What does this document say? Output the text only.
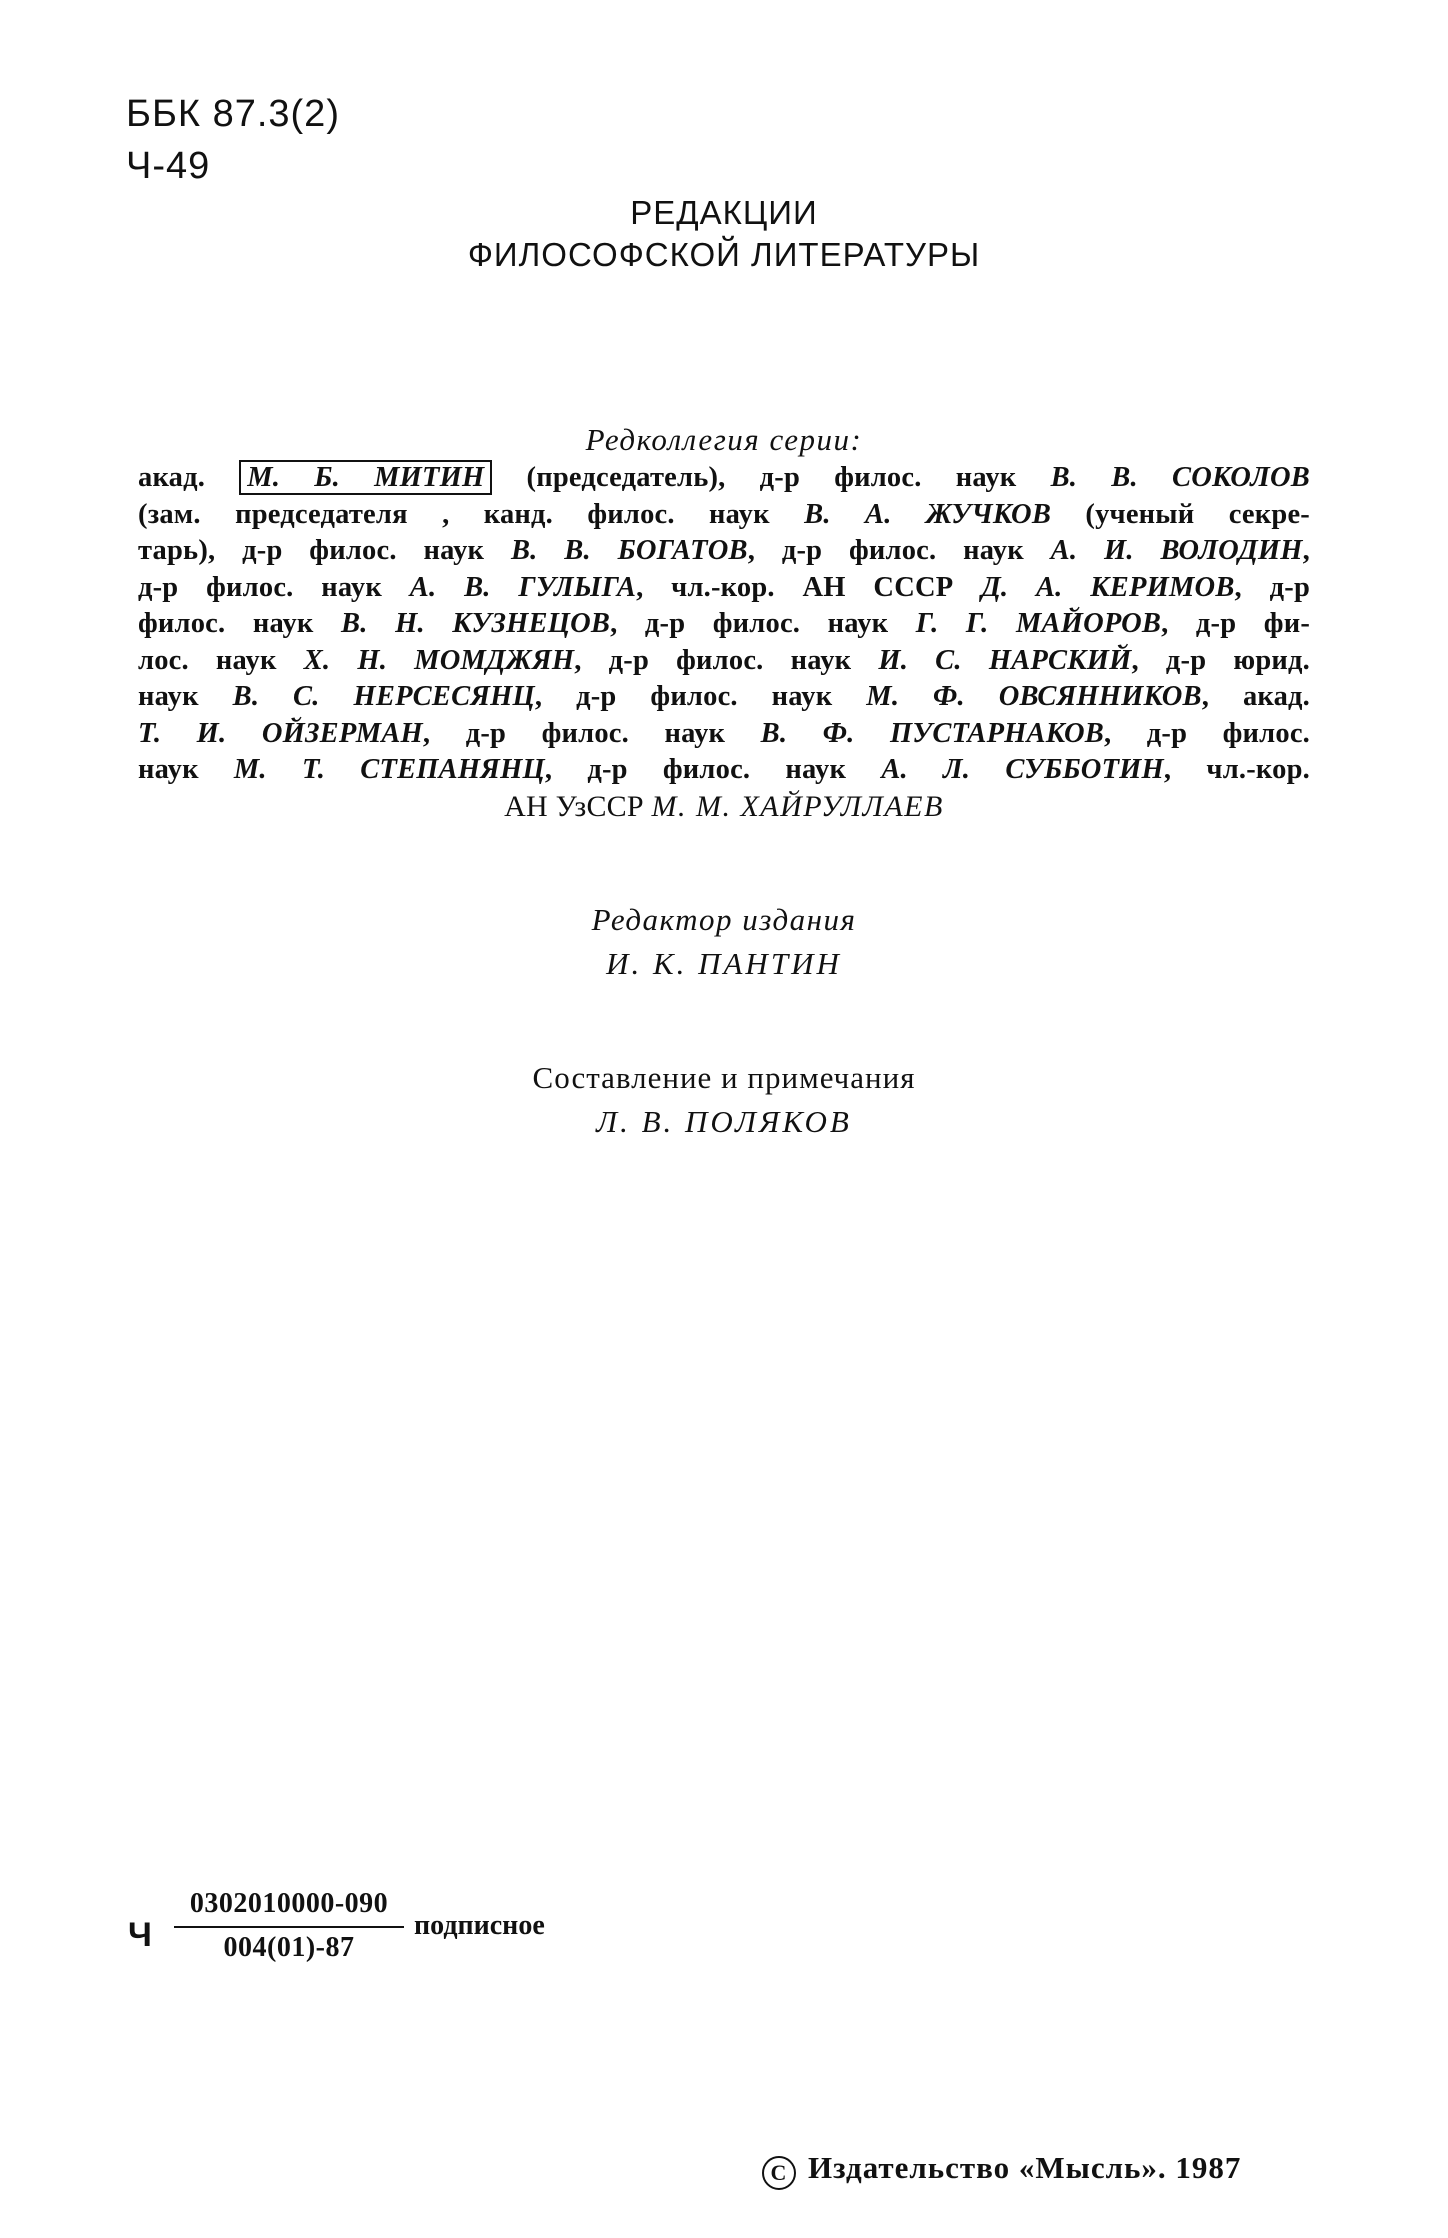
ББК 87.3(2)
Ч-49
РЕДАКЦИИ
ФИЛОСОФСКОЙ ЛИТЕРАТУРЫ
Редколлегия серии:
акад. М. Б. МИТИН (председатель), д-р филос. наук В. В. СОКОЛОВ
(зам. председателя , канд. филос. наук В. А. ЖУЧКОВ (ученый секре-
тарь), д-р филос. наук В. В. БОГАТОВ, д-р филос. наук А. И. ВОЛОДИН,
д-р филос. наук А. В. ГУЛЫГА, чл.-кор. АН СССР Д. А. КЕРИМОВ, д-р
филос. наук В. Н. КУЗНЕЦОВ, д-р филос. наук Г. Г. МАЙОРОВ, д-р фи-
лос. наук Х. Н. МОМДЖЯН, д-р филос. наук И. С. НАРСКИЙ, д-р юрид.
наук В. С. НЕРСЕСЯНЦ, д-р филос. наук М. Ф. ОВСЯННИКОВ, акад.
Т. И. ОЙЗЕРМАН, д-р филос. наук В. Ф. ПУСТАРНАКОВ, д-р филос.
наук М. Т. СТЕПАНЯНЦ, д-р филос. наук А. Л. СУББОТИН, чл.-кор.
АН УзССР М. М. ХАЙРУЛЛАЕВ
Редактор издания
И. К. ПАНТИН
Составление и примечания
Л. В. ПОЛЯКОВ
Ч
0302010000-090
004(01)-87
подписное
C Издательство «Мысль». 1987
